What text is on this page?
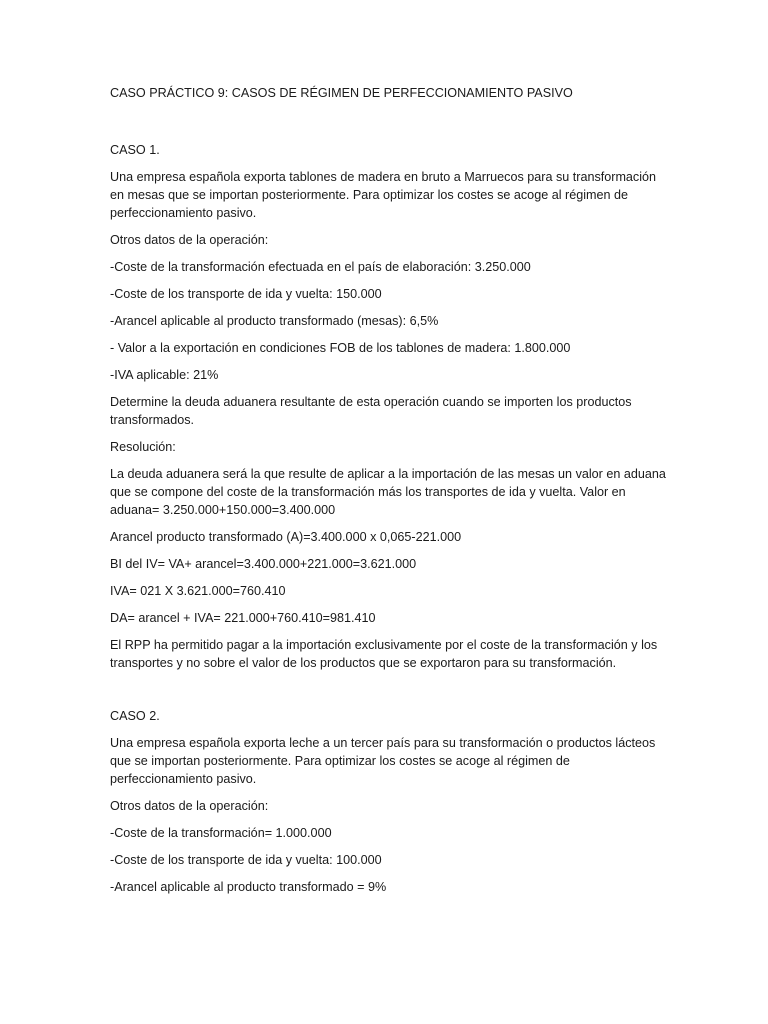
CASO PRÁCTICO 9: CASOS DE RÉGIMEN DE PERFECCIONAMIENTO PASIVO

CASO 1.

Una empresa española exporta tablones de madera en bruto a Marruecos para su transformación en mesas que se importan posteriormente. Para optimizar los costes se acoge al régimen de perfeccionamiento pasivo.

Otros datos de la operación:

-Coste de la transformación efectuada en el país de elaboración: 3.250.000

-Coste de los transporte de ida y vuelta: 150.000

-Arancel aplicable al producto transformado (mesas): 6,5%

- Valor a la exportación en condiciones FOB de los tablones de madera: 1.800.000

-IVA aplicable: 21%

Determine la deuda aduanera resultante de esta operación cuando se importen los productos transformados.

Resolución:

La deuda aduanera será la que resulte de aplicar a la importación de las mesas un valor en aduana que se compone del coste de la transformación más los transportes de ida y vuelta. Valor en aduana= 3.250.000+150.000=3.400.000

Arancel producto transformado (A)=3.400.000 x 0,065-221.000

BI del IV= VA+ arancel=3.400.000+221.000=3.621.000

IVA= 021 X 3.621.000=760.410

DA= arancel + IVA= 221.000+760.410=981.410

El RPP ha permitido pagar a la importación exclusivamente por el coste de la transformación y los transportes y no sobre el valor de los productos que se exportaron para su transformación.

CASO 2.

Una empresa española exporta leche a un tercer país para su transformación o productos lácteos que se importan posteriormente. Para optimizar los costes se acoge al régimen de perfeccionamiento pasivo.

Otros datos de la operación:

-Coste de la transformación= 1.000.000

-Coste de los transporte de ida y vuelta: 100.000

-Arancel aplicable al producto transformado = 9%
